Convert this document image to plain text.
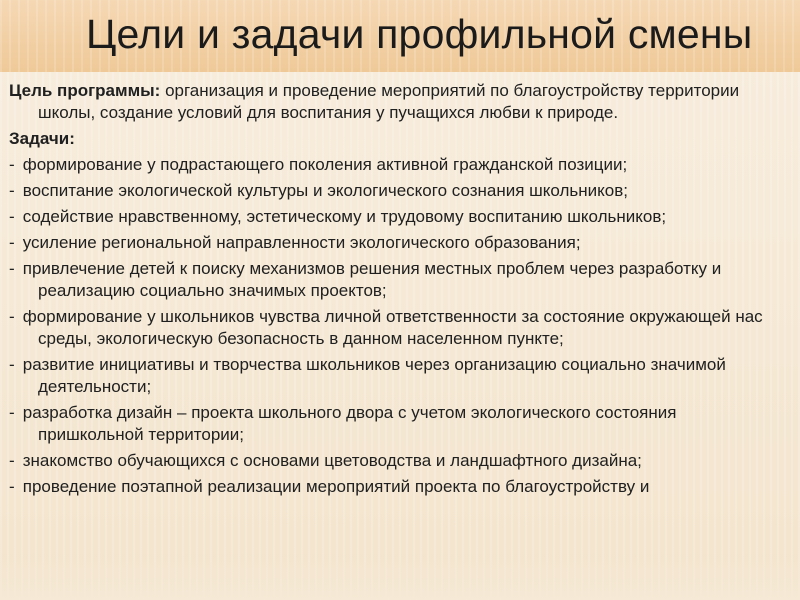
Цели и задачи профильной смены

Цель программы: организация и проведение мероприятий по благоустройству территории школы, создание условий для воспитания у пучащихся любви к природе.

Задачи:

- формирование у подрастающего поколения активной гражданской позиции;

- воспитание экологической культуры и экологического сознания школьников;

- содействие нравственному, эстетическому и трудовому воспитанию школьников;

- усиление региональной направленности экологического образования;

- привлечение детей к поиску механизмов решения местных проблем через разработку и реализацию социально значимых проектов;

- формирование у школьников чувства личной ответственности за состояние окружающей нас среды, экологическую безопасность в данном населенном пункте;

- развитие инициативы и творчества школьников через организацию социально значимой деятельности;

- разработка дизайн – проекта школьного двора с учетом экологического состояния пришкольной территории;

- знакомство обучающихся с основами цветоводства и ландшафтного дизайна;

- проведение поэтапной реализации мероприятий проекта по благоустройству и
